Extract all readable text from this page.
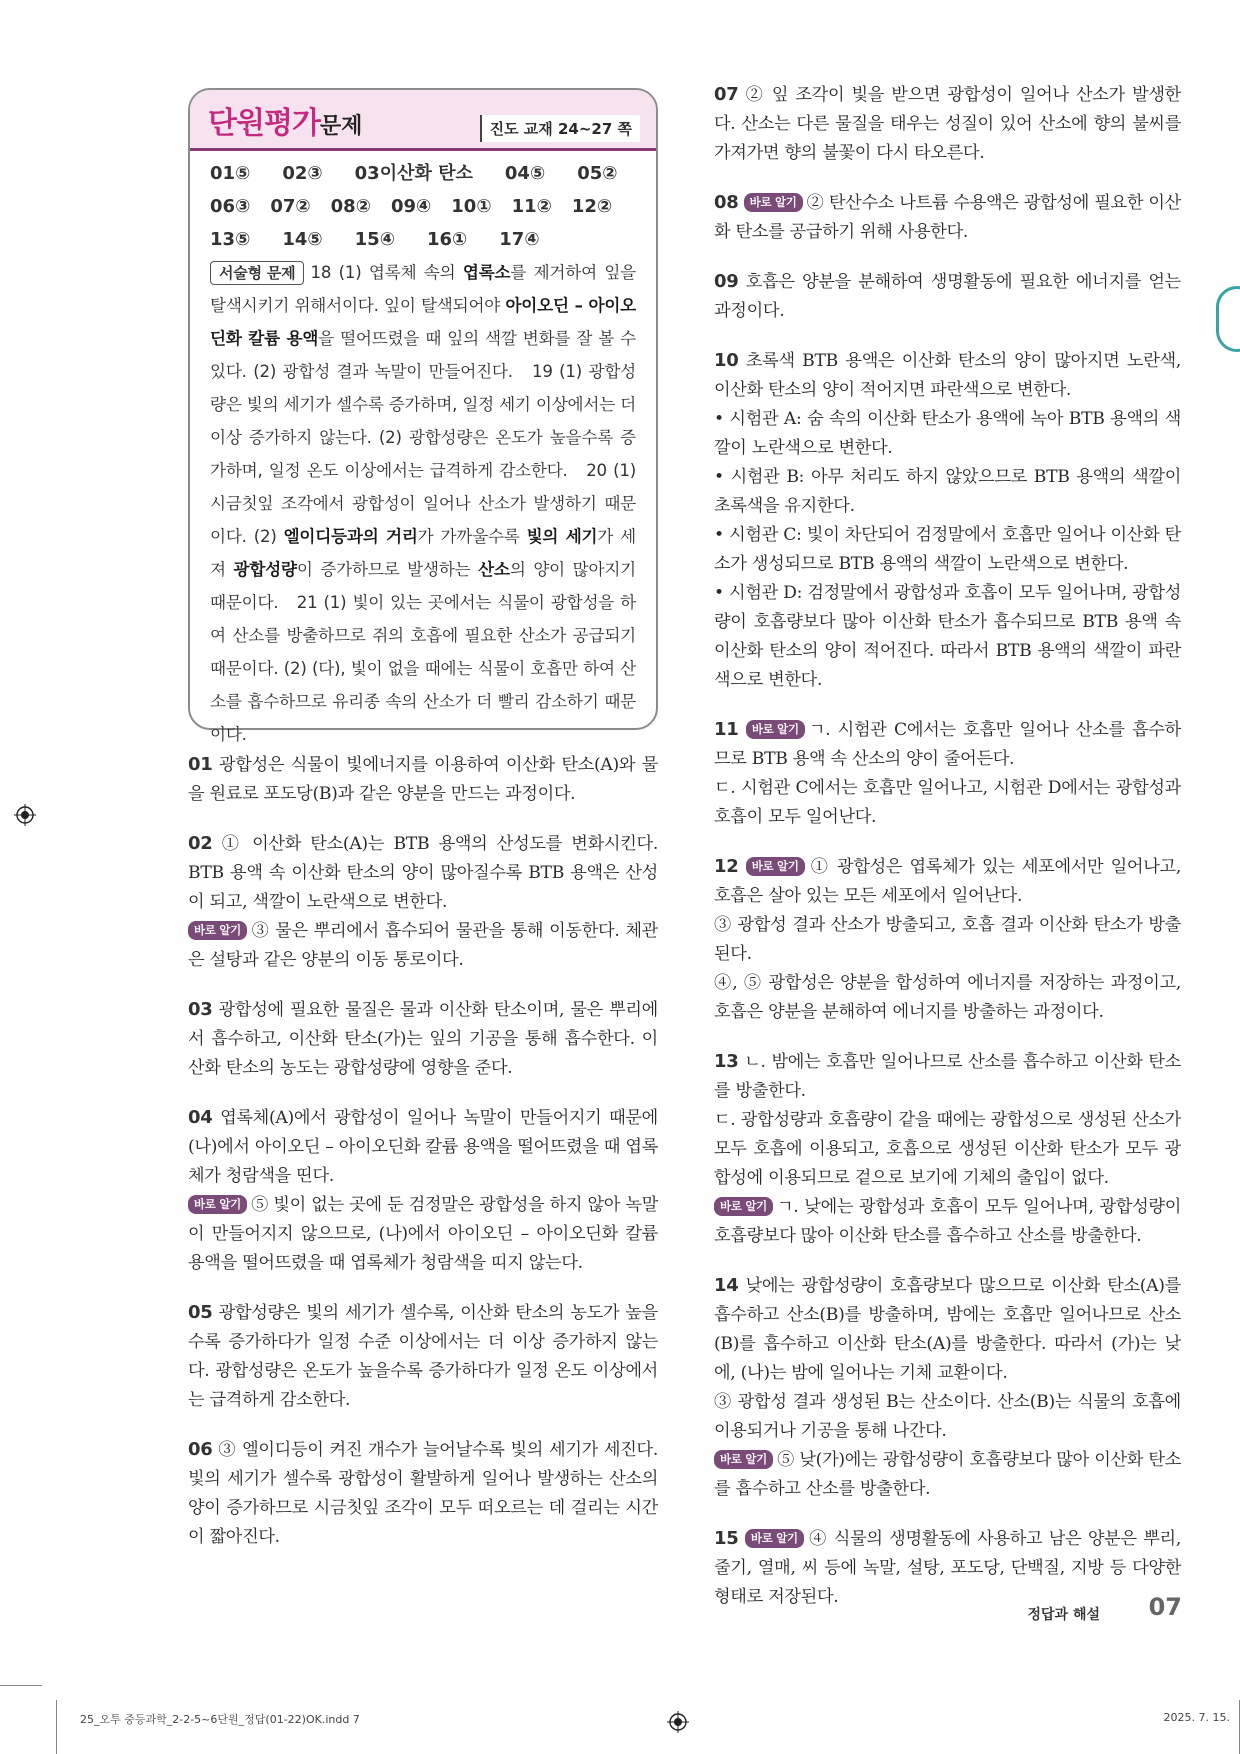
단원평가문제	진도 교재 24~27 쪽
01⑤ 02③ 03이산화 탄소 04⑤ 05②
06③ 07② 08② 09④ 10① 11② 12②
13⑤ 14⑤ 15④ 16① 17④
서술형 문제 18 (1) 엽록체 속의 엽록소를 제거하여 잎을 탈색시키기 위해서이다. 잎이 탈색되어야 아이오딘 – 아이오딘화 칼륨 용액을 떨어뜨렸을 때 잎의 색깔 변화를 잘 볼 수 있다. (2) 광합성 결과 녹말이 만들어진다.　19 (1) 광합성량은 빛의 세기가 셀수록 증가하며, 일정 세기 이상에서는 더 이상 증가하지 않는다. (2) 광합성량은 온도가 높을수록 증가하며, 일정 온도 이상에서는 급격하게 감소한다.　20 (1) 시금칫잎 조각에서 광합성이 일어나 산소가 발생하기 때문이다. (2) 엘이디등과의 거리가 가까울수록 빛의 세기가 세져 광합성량이 증가하므로 발생하는 산소의 양이 많아지기 때문이다.　21 (1) 빛이 있는 곳에서는 식물이 광합성을 하여 산소를 방출하므로 쥐의 호흡에 필요한 산소가 공급되기 때문이다. (2) (다), 빛이 없을 때에는 식물이 호흡만 하여 산소를 흡수하므로 유리종 속의 산소가 더 빨리 감소하기 때문이다.
01 광합성은 식물이 빛에너지를 이용하여 이산화 탄소(A)와 물을 원료로 포도당(B)과 같은 양분을 만드는 과정이다.
02 ① 이산화 탄소(A)는 BTB 용액의 산성도를 변화시킨다. BTB 용액 속 이산화 탄소의 양이 많아질수록 BTB 용액은 산성이 되고, 색깔이 노란색으로 변한다.
바로 알기 ③ 물은 뿌리에서 흡수되어 물관을 통해 이동한다. 체관은 설탕과 같은 양분의 이동 통로이다.
03 광합성에 필요한 물질은 물과 이산화 탄소이며, 물은 뿌리에서 흡수하고, 이산화 탄소(가)는 잎의 기공을 통해 흡수한다. 이산화 탄소의 농도는 광합성량에 영향을 준다.
04 엽록체(A)에서 광합성이 일어나 녹말이 만들어지기 때문에 (나)에서 아이오딘 – 아이오딘화 칼륨 용액을 떨어뜨렸을 때 엽록체가 청람색을 띤다.
바로 알기 ⑤ 빛이 없는 곳에 둔 검정말은 광합성을 하지 않아 녹말이 만들어지지 않으므로, (나)에서 아이오딘 – 아이오딘화 칼륨 용액을 떨어뜨렸을 때 엽록체가 청람색을 띠지 않는다.
05 광합성량은 빛의 세기가 셀수록, 이산화 탄소의 농도가 높을수록 증가하다가 일정 수준 이상에서는 더 이상 증가하지 않는다. 광합성량은 온도가 높을수록 증가하다가 일정 온도 이상에서는 급격하게 감소한다.
06 ③ 엘이디등이 켜진 개수가 늘어날수록 빛의 세기가 세진다. 빛의 세기가 셀수록 광합성이 활발하게 일어나 발생하는 산소의 양이 증가하므로 시금칫잎 조각이 모두 떠오르는 데 걸리는 시간이 짧아진다.
07 ② 잎 조각이 빛을 받으면 광합성이 일어나 산소가 발생한다. 산소는 다른 물질을 태우는 성질이 있어 산소에 향의 불씨를 가져가면 향의 불꽃이 다시 타오른다.
08 바로 알기 ② 탄산수소 나트륨 수용액은 광합성에 필요한 이산화 탄소를 공급하기 위해 사용한다.
09 호흡은 양분을 분해하여 생명활동에 필요한 에너지를 얻는 과정이다.
10 초록색 BTB 용액은 이산화 탄소의 양이 많아지면 노란색, 이산화 탄소의 양이 적어지면 파란색으로 변한다.
• 시험관 A: 숨 속의 이산화 탄소가 용액에 녹아 BTB 용액의 색깔이 노란색으로 변한다.
• 시험관 B: 아무 처리도 하지 않았으므로 BTB 용액의 색깔이 초록색을 유지한다.
• 시험관 C: 빛이 차단되어 검정말에서 호흡만 일어나 이산화 탄소가 생성되므로 BTB 용액의 색깔이 노란색으로 변한다.
• 시험관 D: 검정말에서 광합성과 호흡이 모두 일어나며, 광합성량이 호흡량보다 많아 이산화 탄소가 흡수되므로 BTB 용액 속 이산화 탄소의 양이 적어진다. 따라서 BTB 용액의 색깔이 파란색으로 변한다.
11 바로 알기 ㄱ. 시험관 C에서는 호흡만 일어나 산소를 흡수하므로 BTB 용액 속 산소의 양이 줄어든다.
ㄷ. 시험관 C에서는 호흡만 일어나고, 시험관 D에서는 광합성과 호흡이 모두 일어난다.
12 바로 알기 ① 광합성은 엽록체가 있는 세포에서만 일어나고, 호흡은 살아 있는 모든 세포에서 일어난다.
③ 광합성 결과 산소가 방출되고, 호흡 결과 이산화 탄소가 방출된다.
④, ⑤ 광합성은 양분을 합성하여 에너지를 저장하는 과정이고, 호흡은 양분을 분해하여 에너지를 방출하는 과정이다.
13 ㄴ. 밤에는 호흡만 일어나므로 산소를 흡수하고 이산화 탄소를 방출한다.
ㄷ. 광합성량과 호흡량이 같을 때에는 광합성으로 생성된 산소가 모두 호흡에 이용되고, 호흡으로 생성된 이산화 탄소가 모두 광합성에 이용되므로 겉으로 보기에 기체의 출입이 없다.
바로 알기 ㄱ. 낮에는 광합성과 호흡이 모두 일어나며, 광합성량이 호흡량보다 많아 이산화 탄소를 흡수하고 산소를 방출한다.
14 낮에는 광합성량이 호흡량보다 많으므로 이산화 탄소(A)를 흡수하고 산소(B)를 방출하며, 밤에는 호흡만 일어나므로 산소(B)를 흡수하고 이산화 탄소(A)를 방출한다. 따라서 (가)는 낮에, (나)는 밤에 일어나는 기체 교환이다.
③ 광합성 결과 생성된 B는 산소이다. 산소(B)는 식물의 호흡에 이용되거나 기공을 통해 나간다.
바로 알기 ⑤ 낮(가)에는 광합성량이 호흡량보다 많아 이산화 탄소를 흡수하고 산소를 방출한다.
15 바로 알기 ④ 식물의 생명활동에 사용하고 남은 양분은 뿌리, 줄기, 열매, 씨 등에 녹말, 설탕, 포도당, 단백질, 지방 등 다양한 형태로 저장된다.
정답과 해설 07
25_오투 중등과학_2-2-5~6단원_정답(01-22)OK.indd 7	2025. 7. 15.
